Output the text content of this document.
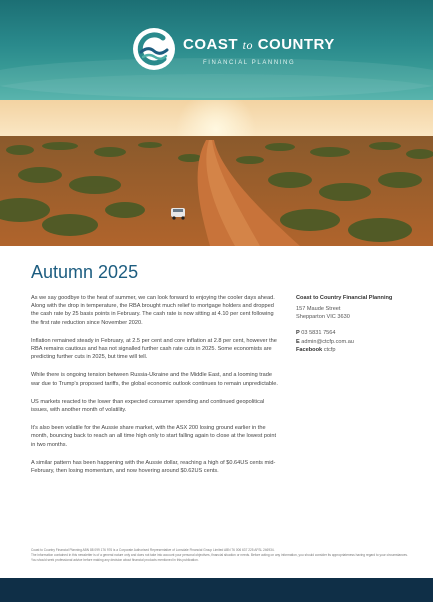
COAST to COUNTRY
FINANCIAL PLANNING
Autumn 2025

As we say goodbye to the heat of summer, we can look forward to enjoying the cooler days ahead. Along with the drop in temperature, the RBA brought much relief to mortgage holders and dropped the cash rate by 25 basis points in February. The cash rate is now sitting at 4.10 per cent following the first rate reduction since November 2020.

Inflation remained steady in February, at 2.5 per cent and core inflation at 2.8 per cent, however the RBA remains cautious and has not signalled further cash rate cuts in 2025. Some economists are predicting further cuts in 2025, but time will tell.

While there is ongoing tension between Russia-Ukraine and the Middle East, and a looming trade war due to Trump's proposed tariffs, the global economic outlook continues to remain unpredictable.

US markets reacted to the lower than expected consumer spending and continued geopolitical issues, with another month of volatility.

It's also been volatile for the Aussie share market, with the ASX 200 losing ground earlier in the month, bouncing back to reach an all time high only to start falling again to close at the lowest point in two months.

A similar pattern has been happening with the Aussie dollar, reaching a high of $0.64US cents mid-February, then losing momentum, and now hovering around $0.62US cents.

Coast to Country Financial Planning
157 Maude Street
Shepparton VIC 3630
P 03 5831 7564
E admin@ctcfp.com.au
Facebook ctcfp

Coast to Country Financial Planning ABN 88 099 176 976 is a Corporate Authorised Representative of Lonsdale Financial Group Limited ABN 76 006 637 225 AFSL 246934.

The information contained in this newsletter is of a general nature only and does not take into account your personal objectives, financial situation or needs. Before acting on any information, you should consider its appropriateness having regard to your circumstances. You should seek professional advice before making any decision about financial products mentioned in this publication.
